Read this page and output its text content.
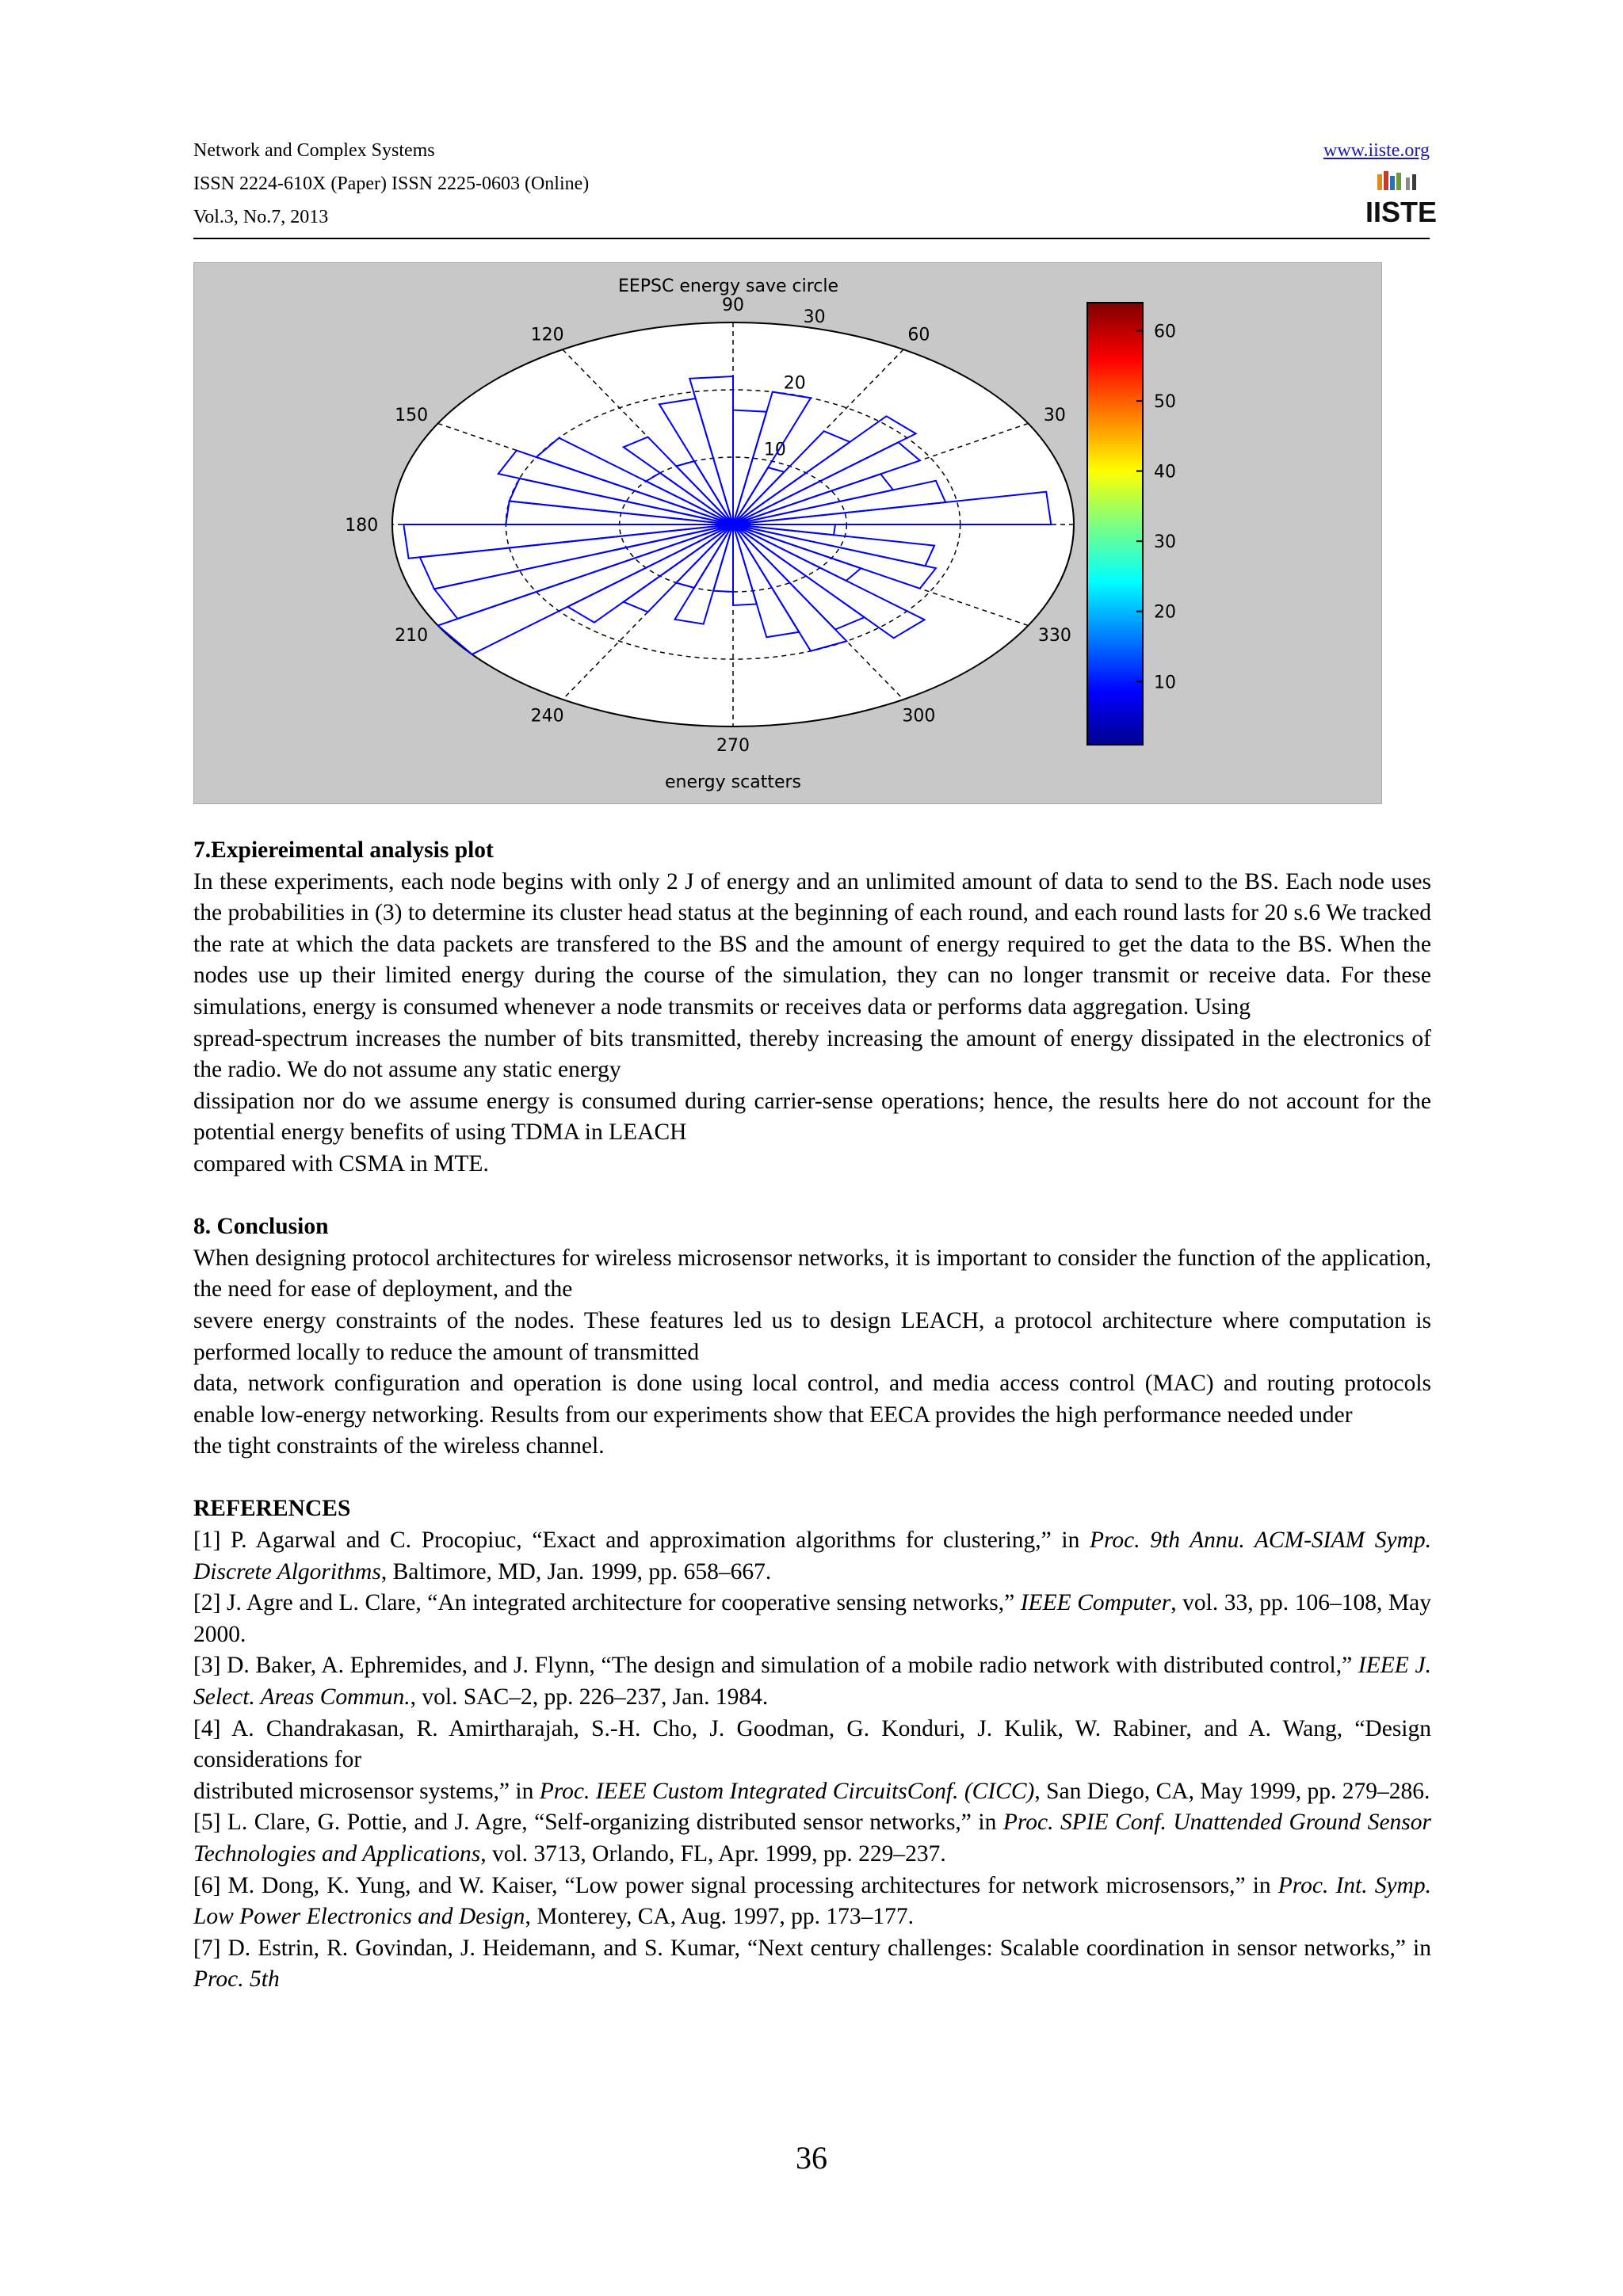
Network and Complex Systems
ISSN 2224-610X (Paper) ISSN 2225-0603 (Online)
Vol.3, No.7, 2013
www.iiste.org
IISTE
30
60
90
120
150
180
210
240
270
300
330
10
20
30
EEPSC energy save circle
energy scatters
10
20
30
40
50
60
7.Expiereimental analysis plot

In these experiments, each node begins with only 2 J of energy and an unlimited amount of data to send to the BS. Each node uses the probabilities in (3) to determine its cluster head status at the beginning of each round, and each round lasts for 20 s.6 We tracked the rate at which the data packets are transfered to the BS and the amount of energy required to get the data to the BS. When the nodes use up their limited energy during the course of the simulation, they can no longer transmit or receive data. For these simulations, energy is consumed whenever a node transmits or receives data or performs data aggregation. Using

spread-spectrum increases the number of bits transmitted, thereby increasing the amount of energy dissipated in the electronics of the radio. We do not assume any static energy

dissipation nor do we assume energy is consumed during carrier-sense operations; hence, the results here do not account for the potential energy benefits of using TDMA in LEACH

compared with CSMA in MTE.

8. Conclusion

When designing protocol architectures for wireless microsensor networks, it is important to consider the function of the application, the need for ease of deployment, and the

severe energy constraints of the nodes. These features led us to design LEACH, a protocol architecture where computation is performed locally to reduce the amount of transmitted

data, network configuration and operation is done using local control, and media access control (MAC) and routing protocols enable low-energy networking. Results from our experiments show that EECA provides the high performance needed under

the tight constraints of the wireless channel.

REFERENCES

[1] P. Agarwal and C. Procopiuc, “Exact and approximation algorithms for clustering,” in Proc. 9th Annu. ACM-SIAM Symp. Discrete Algorithms, Baltimore, MD, Jan. 1999, pp. 658–667.

[2] J. Agre and L. Clare, “An integrated architecture for cooperative sensing networks,” IEEE Computer, vol. 33, pp. 106–108, May 2000.

[3] D. Baker, A. Ephremides, and J. Flynn, “The design and simulation of a mobile radio network with distributed control,” IEEE J. Select. Areas Commun., vol. SAC–2, pp. 226–237, Jan. 1984.

[4] A. Chandrakasan, R. Amirtharajah, S.-H. Cho, J. Goodman, G. Konduri, J. Kulik, W. Rabiner, and A. Wang, “Design considerations for

distributed microsensor systems,” in Proc. IEEE Custom Integrated CircuitsConf. (CICC), San Diego, CA, May 1999, pp. 279–286.

[5] L. Clare, G. Pottie, and J. Agre, “Self-organizing distributed sensor networks,” in Proc. SPIE Conf. Unattended Ground Sensor Technologies and Applications, vol. 3713, Orlando, FL, Apr. 1999, pp. 229–237.

[6] M. Dong, K. Yung, and W. Kaiser, “Low power signal processing architectures for network microsensors,” in Proc. Int. Symp. Low Power Electronics and Design, Monterey, CA, Aug. 1997, pp. 173–177.

[7] D. Estrin, R. Govindan, J. Heidemann, and S. Kumar, “Next century challenges: Scalable coordination in sensor networks,” in Proc. 5th

36
